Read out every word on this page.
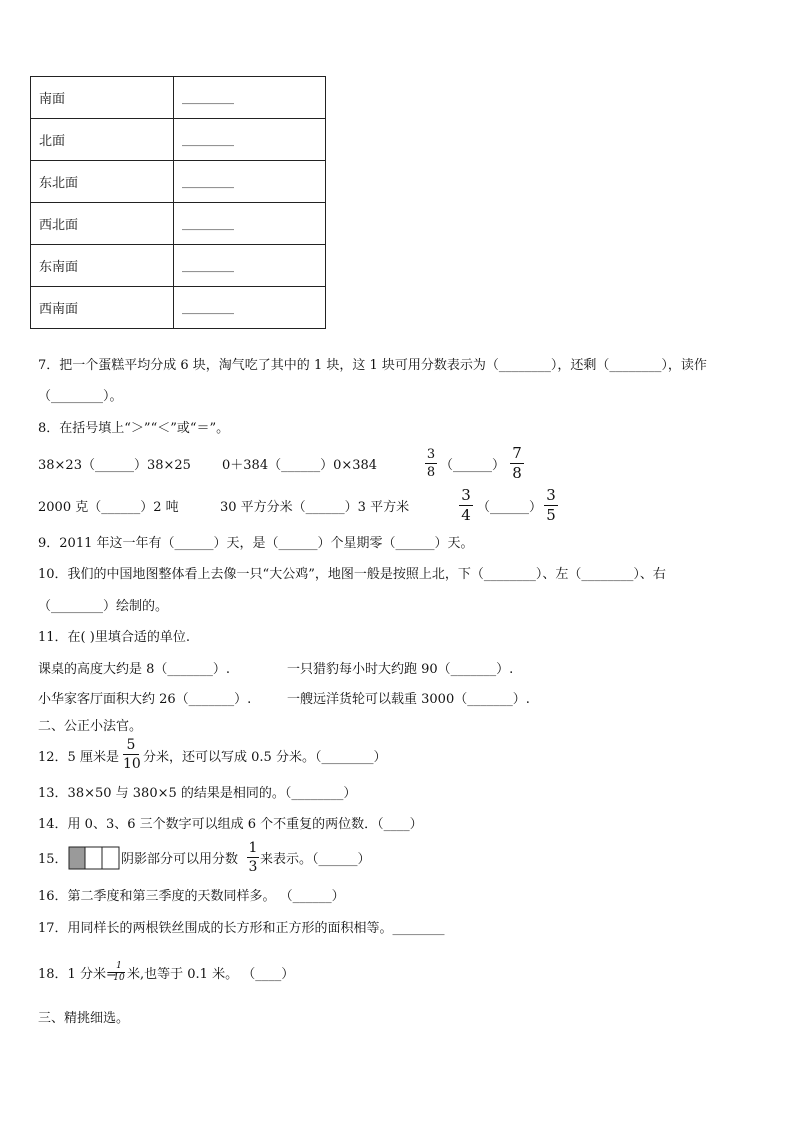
南面	________
北面	________
东北面	________
西北面	________
东南面	________
西南面	________
7．把一个蛋糕平均分成 6 块，淘气吃了其中的 1 块，这 1 块可用分数表示为（________），还剩（________），读作
（________）。
8．在括号填上“＞”“＜”或“＝”。
38×23（______）38×25 0＋384（______）0×384
3
8 （______）
7
8
2000 克（______）2 吨	30 平方分米（______）3 平方米
3
4 （______）
3
5
9．2011 年这一年有（______）天，是（______）个星期零（______）天。
10．我们的中国地图整体看上去像一只“大公鸡”，地图一般是按照上北，下（________）、左（________）、右
（________）绘制的。
11．在( )里填合适的单位.
课桌的高度大约是 8（_______）.	一只猎豹每小时大约跑 90（_______）.
小华家客厅面积大约 26（_______）.	一艘远洋货轮可以载重 3000（_______）.
二、公正小法官。
12．5 厘米是
5
10 分米，还可以写成 0.5 分米。（________）
13．38×50 与 380×5 的结果是相同的。（________）
14．用 0、3、6 三个数字可以组成 6 个不重复的两位数．（____）
15．	阴影部分可以用分数
1
3 来表示。（______）
16．第二季度和第三季度的天数同样多。 （______）
17．用同样长的两根铁丝围成的长方形和正方形的面积相等。________
18．1 分米=
1
10 米,也等于 0.1 米。 （____）
三、精挑细选。
